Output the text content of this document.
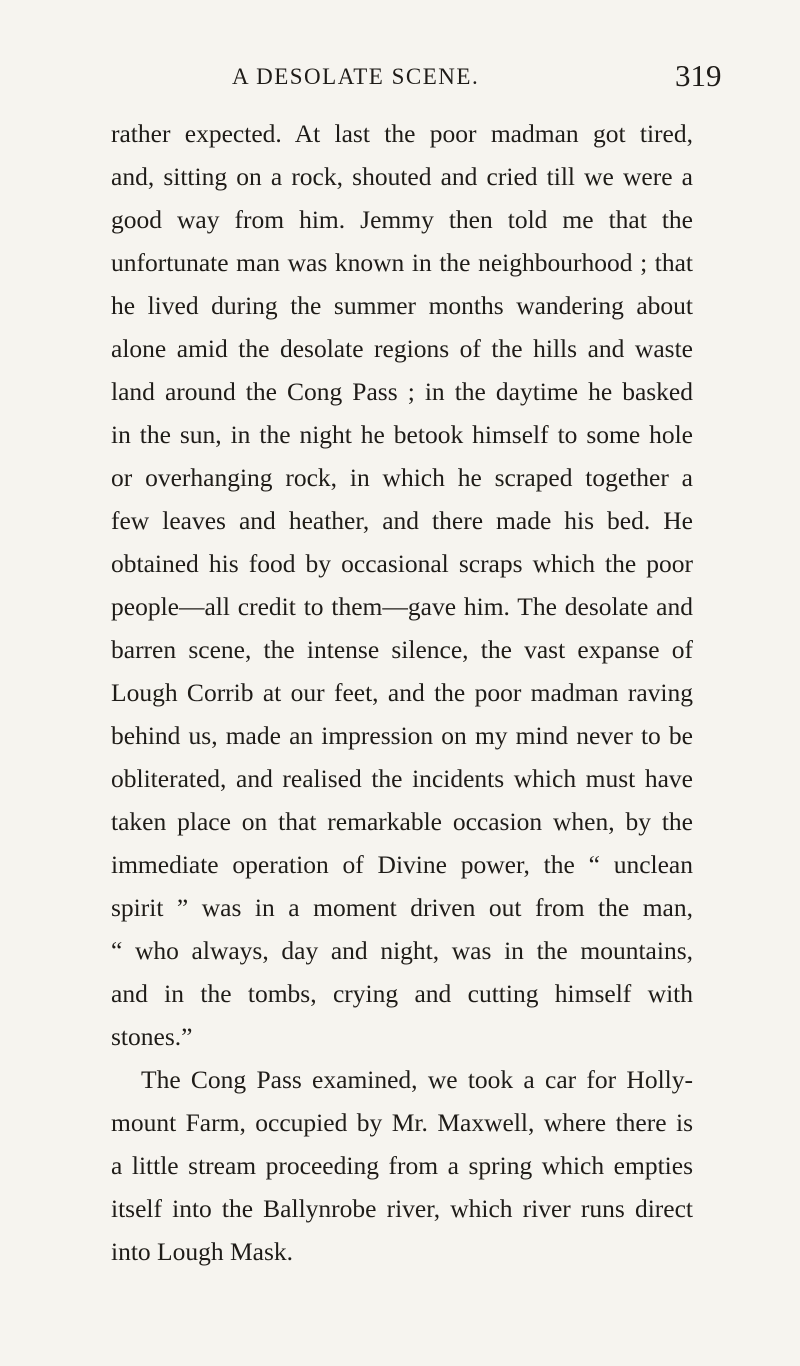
A DESOLATE SCENE.	319
rather expected. At last the poor madman got tired,
and, sitting on a rock, shouted and cried till we were a
good way from him. Jemmy then told me that the
unfortunate man was known in the neighbourhood ; that
he lived during the summer months wandering about
alone amid the desolate regions of the hills and waste
land around the Cong Pass ; in the daytime he basked
in the sun, in the night he betook himself to some hole
or overhanging rock, in which he scraped together a
few leaves and heather, and there made his bed. He
obtained his food by occasional scraps which the poor
people—all credit to them—gave him. The desolate and
barren scene, the intense silence, the vast expanse of
Lough Corrib at our feet, and the poor madman raving
behind us, made an impression on my mind never to be
obliterated, and realised the incidents which must have
taken place on that remarkable occasion when, by the
immediate operation of Divine power, the “ unclean
spirit ” was in a moment driven out from the man,
“ who always, day and night, was in the mountains,
and in the tombs, crying and cutting himself with
stones.”
The Cong Pass examined, we took a car for Holly-
mount Farm, occupied by Mr. Maxwell, where there is
a little stream proceeding from a spring which empties
itself into the Ballynrobe river, which river runs direct
into Lough Mask.
